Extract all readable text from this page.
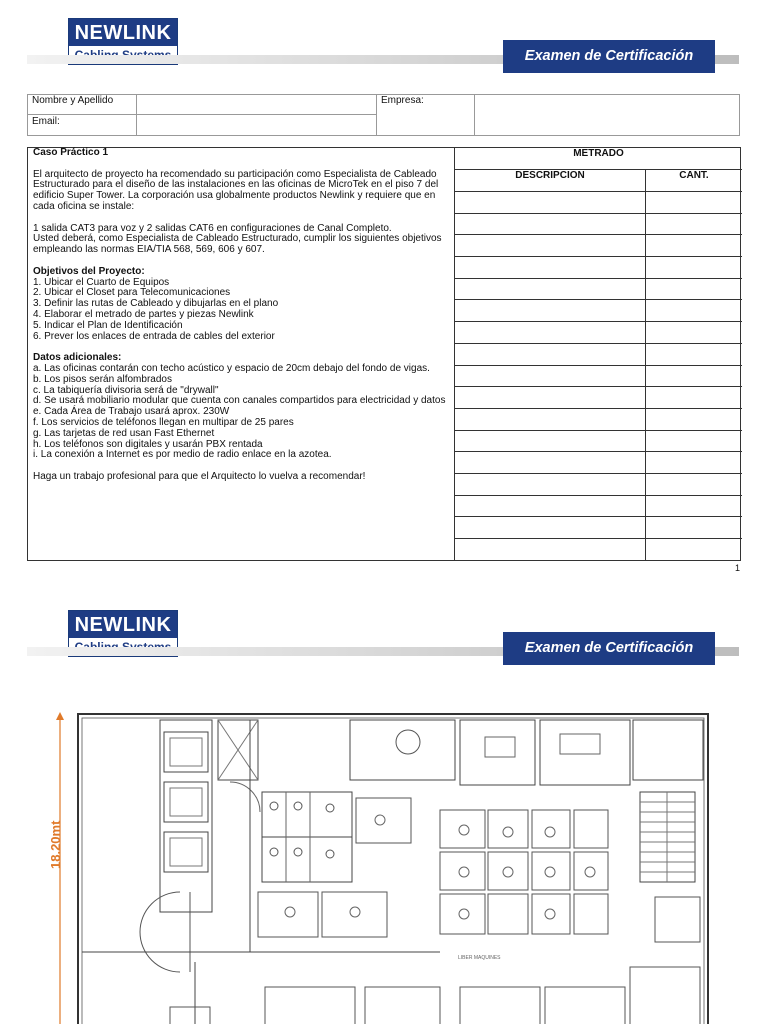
NEWLINK
Examen de Certificación
Nombre y Apellido
Email:
Empresa:

Caso Práctico 1

El arquitecto de proyecto ha recomendado su participación como Especialista de Cableado Estructurado para el diseño de las instalaciones en las oficinas de MicroTek en el piso 7 del edificio Super Tower. La corporación usa globalmente productos Newlink y requiere que en cada oficina se instale:

1 salida CAT3 para voz y 2 salidas CAT6 en configuraciones de Canal Completo.

Usted deberá, como Especialista de Cableado Estructurado, cumplir los siguientes objetivos empleando las normas EIA/TIA 568, 569, 606 y 607.

Objetivos del Proyecto:

1. Ubicar el Cuarto de Equipos

2. Ubicar el Closet para Telecomunicaciones

3. Definir las rutas de Cableado y dibujarlas en el plano

4. Elaborar el metrado de partes y piezas Newlink

5. Indicar el Plan de Identificación

6. Prever los enlaces de entrada de cables del exterior

Datos adicionales:

a. Las oficinas contarán con techo acústico y espacio de 20cm debajo del fondo de vigas.

b. Los pisos serán alfombrados

c. La tabiquería divisoria será de "drywall"

d. Se usará mobiliario modular que cuenta con canales compartidos para electricidad y datos

e. Cada Área de Trabajo usará aprox. 230W

f. Los servicios de teléfonos llegan en multipar de 25 pares

g. Las tarjetas de red usan Fast Ethernet

h. Los teléfonos son digitales y usarán PBX rentada

i. La conexión a Internet es por medio de radio enlace en la azotea.

Haga un trabajo profesional para que el Arquitecto lo vuelva a recomendar!

METRADO
DESCRIPCION	CANT.
1
NEWLINK
Examen de Certificación
LIBER MAQUINES
18.20mt
